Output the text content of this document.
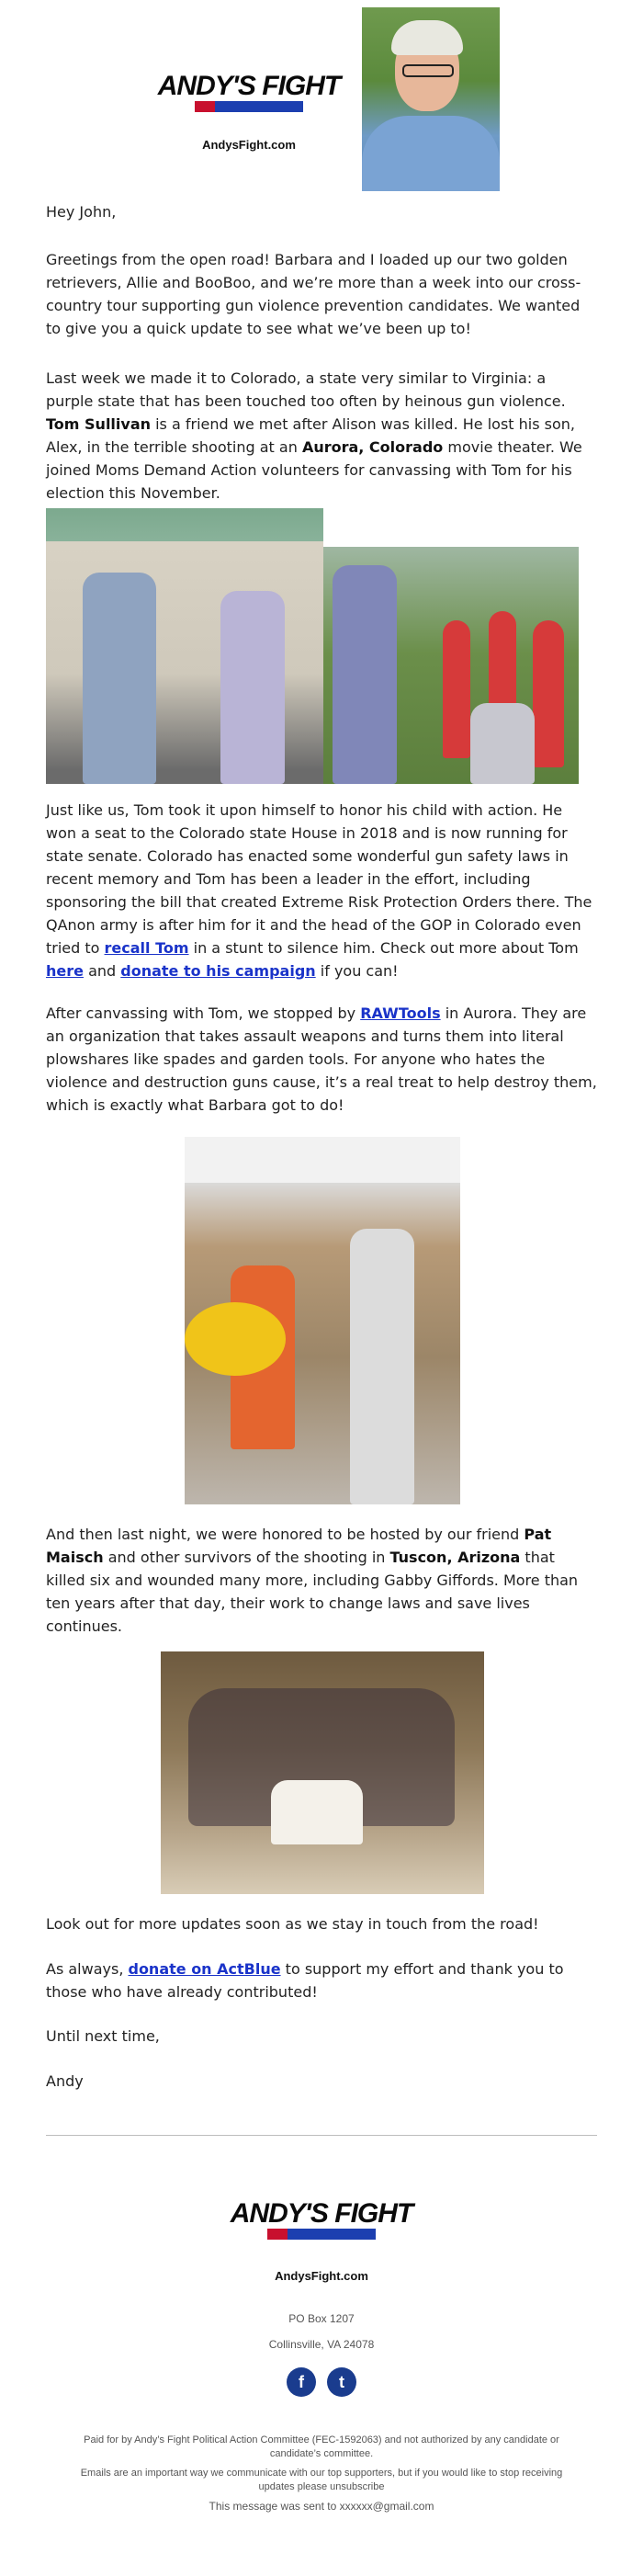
ANDY'S FIGHT
AndysFight.com

Hey John,

Greetings from the open road! Barbara and I loaded up our two golden retrievers, Allie and BooBoo, and we’re more than a week into our cross-country tour supporting gun violence prevention candidates. We wanted to give you a quick update to see what we’ve been up to!

Last week we made it to Colorado, a state very similar to Virginia: a purple state that has been touched too often by heinous gun violence. Tom Sullivan is a friend we met after Alison was killed. He lost his son, Alex, in the terrible shooting at an Aurora, Colorado movie theater. We joined Moms Demand Action volunteers for canvassing with Tom for his election this November.

Just like us, Tom took it upon himself to honor his child with action. He won a seat to the Colorado state House in 2018 and is now running for state senate. Colorado has enacted some wonderful gun safety laws in recent memory and Tom has been a leader in the effort, including sponsoring the bill that created Extreme Risk Protection Orders there. The QAnon army is after him for it and the head of the GOP in Colorado even tried to recall Tom in a stunt to silence him. Check out more about Tom here and donate to his campaign if you can!

After canvassing with Tom, we stopped by RAWTools in Aurora. They are an organization that takes assault weapons and turns them into literal plowshares like spades and garden tools. For anyone who hates the violence and destruction guns cause, it’s a real treat to help destroy them, which is exactly what Barbara got to do!

And then last night, we were honored to be hosted by our friend Pat Maisch and other survivors of the shooting in Tuscon, Arizona that killed six and wounded many more, including Gabby Giffords. More than ten years after that day, their work to change laws and save lives continues.

Look out for more updates soon as we stay in touch from the road!

As always, donate on ActBlue to support my effort and thank you to those who have already contributed!

Until next time,

Andy

ANDY'S FIGHT
AndysFight.com
PO Box 1207
Collinsville, VA 24078
f	t
Paid for by Andy’s Fight Political Action Committee (FEC-1592063) and not authorized by any candidate or candidate’s committee.
Emails are an important way we communicate with our top supporters, but if you would like to stop receiving updates please unsubscribe
This message was sent to xxxxxx@gmail.com
